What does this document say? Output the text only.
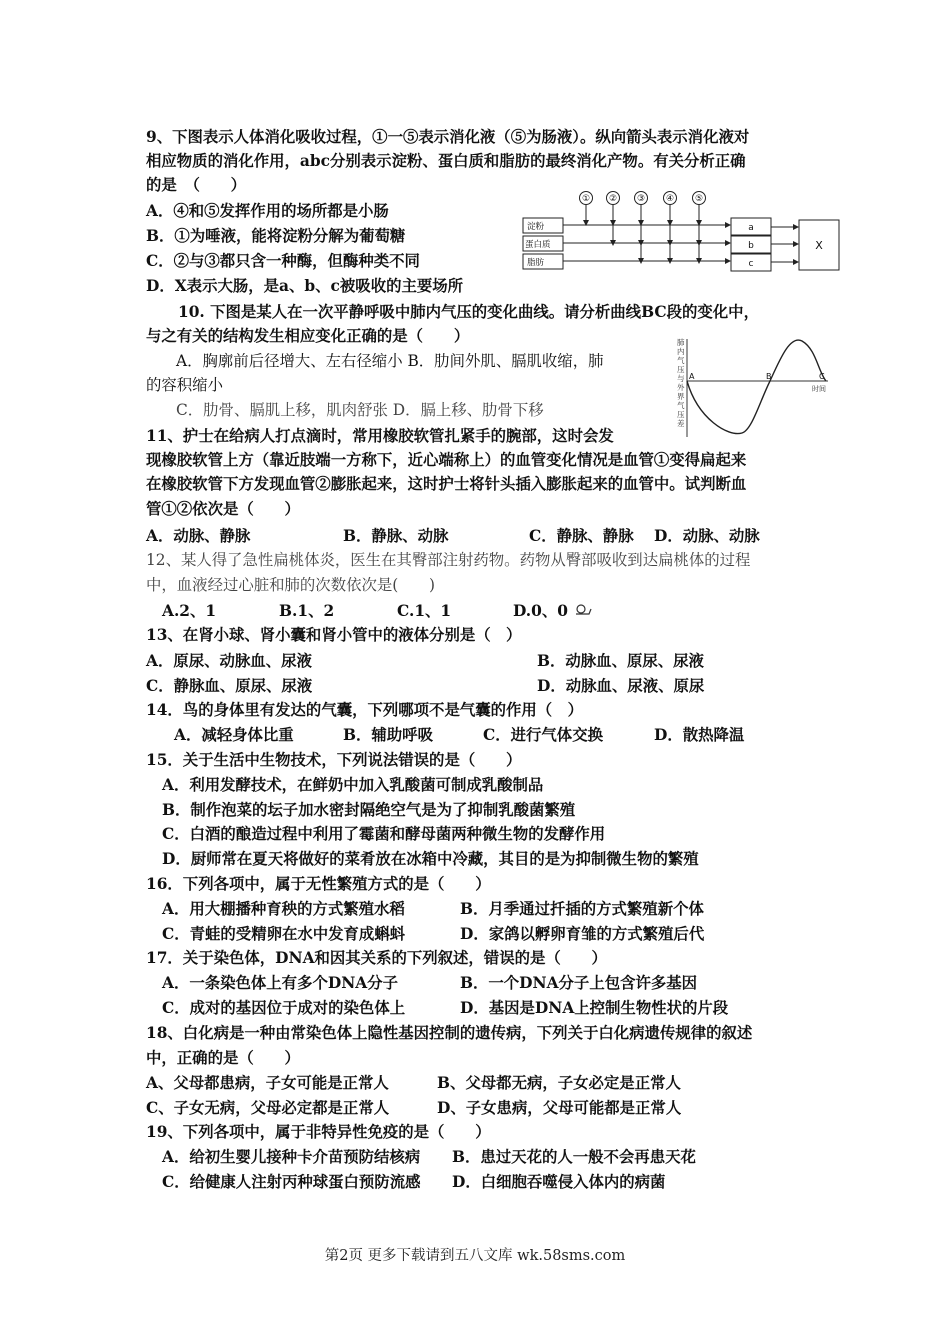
9、下图表示人体消化吸收过程，①一⑤表示消化液（⑤为肠液）。纵向箭头表示消化液对
相应物质的消化作用，abc分别表示淀粉、蛋白质和脂肪的最终消化产物。有关分析正确
的是　（　　）
A．④和⑤发挥作用的场所都是小肠
B．①为唾液，能将淀粉分解为葡萄糖
C．②与③都只含一种酶，但酶种类不同
D．X表示大肠，是a、b、c被吸收的主要场所
① ② ③ ④ ⑤
淀粉
蛋白质
脂肪
a
b
c
X
10. 下图是某人在一次平静呼吸中肺内气压的变化曲线。请分析曲线BC段的变化中，
与之有关的结构发生相应变化正确的是（　　）
A．胸廓前后径增大、左右径缩小 B．肋间外肌、膈肌收缩，肺
的容积缩小
C．肋骨、膈肌上移，肌肉舒张 D．膈上移、肋骨下移
肺
内
气
压
与
外
界
气
压
差
A	B	C
时间
11、护士在给病人打点滴时，常用橡胶软管扎紧手的腕部，这时会发
现橡胶软管上方（靠近肢端一方称下，近心端称上）的血管变化情况是血管①变得扁起来
在橡胶软管下方发现血管②膨胀起来，这时护士将针头插入膨胀起来的血管中。试判断血
管①②依次是（　　）
A．动脉、静脉	B．静脉、动脉	C．静脉、静脉 D．动脉、动脉
12、某人得了急性扁桃体炎，医生在其臀部注射药物。药物从臀部吸收到达扁桃体的过程
中，血液经过心脏和肺的次数依次是(　　)
A.2、1	B.1、2	C.1、1	D.0、0
13、在肾小球、肾小囊和肾小管中的液体分别是（　）
A．原尿、动脉血、尿液	B．动脉血、原尿、尿液
C．静脉血、原尿、尿液	D．动脉血、尿液、原尿
14．鸟的身体里有发达的气囊，下列哪项不是气囊的作用（　）
A．减轻身体比重	B．辅助呼吸	C．进行气体交换	D．散热降温
15．关于生活中生物技术，下列说法错误的是（　　）
A．利用发酵技术，在鲜奶中加入乳酸菌可制成乳酸制品
B．制作泡菜的坛子加水密封隔绝空气是为了抑制乳酸菌繁殖
C．白酒的酿造过程中利用了霉菌和酵母菌两种微生物的发酵作用
D．厨师常在夏天将做好的菜肴放在冰箱中冷藏，其目的是为抑制微生物的繁殖
16．下列各项中，属于无性繁殖方式的是（　　）
A．用大棚播种育秧的方式繁殖水稻	B．月季通过扦插的方式繁殖新个体
C．青蛙的受精卵在水中发育成蝌蚪	D．家鸽以孵卵育雏的方式繁殖后代
17．关于染色体，DNA和因其关系的下列叙述，错误的是（　　）
A．一条染色体上有多个DNA分子	B．一个DNA分子上包含许多基因
C．成对的基因位于成对的染色体上	D．基因是DNA上控制生物性状的片段
18、白化病是一种由常染色体上隐性基因控制的遗传病，下列关于白化病遗传规律的叙述
中，正确的是（　　）
A、父母都患病，子女可能是正常人	B、父母都无病，子女必定是正常人
C、子女无病，父母必定都是正常人	D、子女患病，父母可能都是正常人
19、下列各项中，属于非特异性免疫的是（　　）
A．给初生婴儿接种卡介苗预防结核病 B．患过天花的人一般不会再患天花
C．给健康人注射丙种球蛋白预防流感 D．白细胞吞噬侵入体内的病菌
第2页 更多下载请到五八文库 wk.58sms.com
